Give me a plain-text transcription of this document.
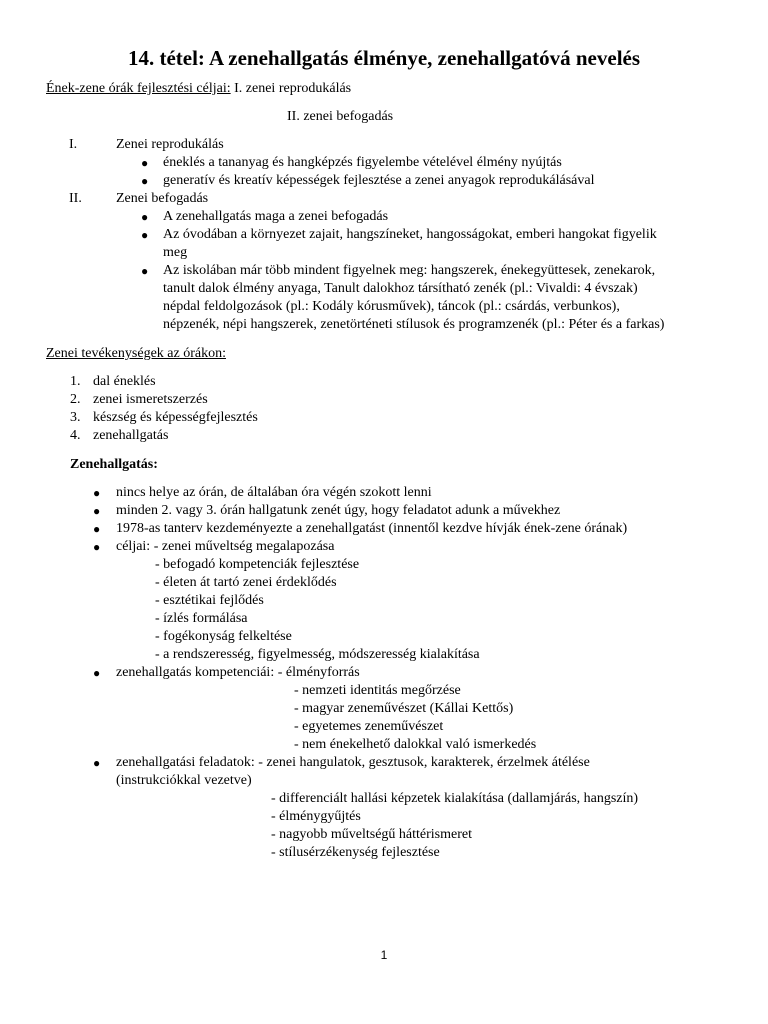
14. tétel: A zenehallgatás élménye, zenehallgatóvá nevelés
Ének-zene órák fejlesztési céljai: I. zenei reprodukálás
II. zenei befogadás
I.	Zenei reprodukálás
● éneklés a tananyag és hangképzés figyelembe vételével élmény nyújtás
● generatív és kreatív képességek fejlesztése a zenei anyagok reprodukálásával
II. Zenei befogadás
● A zenehallgatás maga a zenei befogadás
● Az óvodában a környezet zajait, hangszíneket, hangosságokat, emberi hangokat figyelik
meg
● Az iskolában már több mindent figyelnek meg: hangszerek, énekegyüttesek, zenekarok,
tanult dalok élmény anyaga, Tanult dalokhoz társítható zenék (pl.: Vivaldi: 4 évszak)
népdal feldolgozások (pl.: Kodály kórusművek), táncok (pl.: csárdás, verbunkos),
népzenék, népi hangszerek, zenetörténeti stílusok és programzenék (pl.: Péter és a farkas)
Zenei tevékenységek az órákon:
1. dal éneklés
2. zenei ismeretszerzés
3. készség és képességfejlesztés
4. zenehallgatás
Zenehallgatás:
● nincs helye az órán, de általában óra végén szokott lenni
● minden 2. vagy 3. órán hallgatunk zenét úgy, hogy feladatot adunk a művekhez
● 1978-as tanterv kezdeményezte a zenehallgatást (innentől kezdve hívják ének-zene órának)
● céljai: - zenei műveltség megalapozása
- befogadó kompetenciák fejlesztése
- életen át tartó zenei érdeklődés
- esztétikai fejlődés
- ízlés formálása
- fogékonyság felkeltése
- a rendszeresség, figyelmesség, módszeresség kialakítása
● zenehallgatás kompetenciái: - élményforrás
- nemzeti identitás megőrzése
- magyar zeneművészet (Kállai Kettős)
- egyetemes zeneművészet
- nem énekelhető dalokkal való ismerkedés
● zenehallgatási feladatok: - zenei hangulatok, gesztusok, karakterek, érzelmek átélése
(instrukciókkal vezetve)
- differenciált hallási képzetek kialakítása (dallamjárás, hangszín)
- élménygyűjtés
- nagyobb műveltségű háttérismeret
- stílusérzékenység fejlesztése
1
